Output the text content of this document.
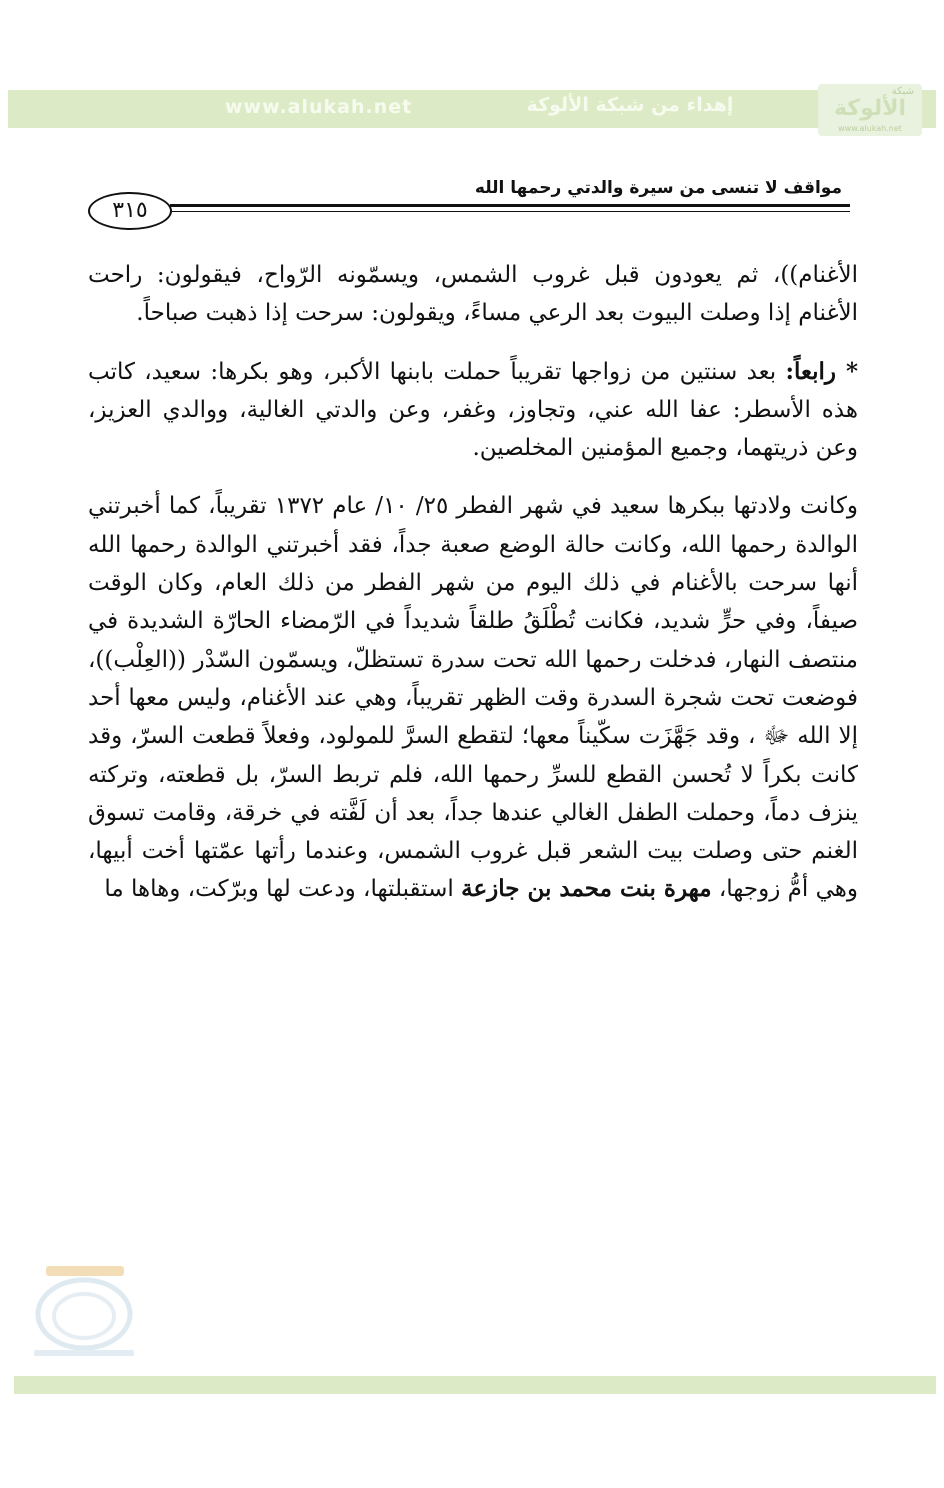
www.alukah.net	إهداء من شبكة الألوكة
شبكة
الألوكة
www.alukah.net
مواقف لا تنسى من سيرة والدتي رحمها الله
٣١٥

الأغنام))، ثم يعودون قبل غروب الشمس، ويسمّونه الرّواح، فيقولون: راحت الأغنام إذا وصلت البيوت بعد الرعي مساءً، ويقولون: سرحت إذا ذهبت صباحاً.

* رابعاً: بعد سنتين من زواجها تقريباً حملت بابنها الأكبر، وهو بكرها: سعيد، كاتب هذه الأسطر: عفا الله عني، وتجاوز، وغفر، وعن والدتي الغالية، ووالدي العزيز، وعن ذريتهما، وجميع المؤمنين المخلصين.

وكانت ولادتها ببكرها سعيد في شهر الفطر ٢٥/ ١٠/ عام ١٣٧٢ تقريباً، كما أخبرتني الوالدة رحمها الله، وكانت حالة الوضع صعبة جداً، فقد أخبرتني الوالدة رحمها الله أنها سرحت بالأغنام في ذلك اليوم من شهر الفطر من ذلك العام، وكان الوقت صيفاً، وفي حرٍّ شديد، فكانت تُطْلَقُ طلقاً شديداً في الرّمضاء الحارّة الشديدة في منتصف النهار، فدخلت رحمها الله تحت سدرة تستظلّ، ويسمّون السّدْر ((العِلْب))، فوضعت تحت شجرة السدرة وقت الظهر تقريباً، وهي عند الأغنام، وليس معها أحد إلا الله ﷻ ، وقد جَهَّزَت سكّيناً معها؛ لتقطع السرَّ للمولود، وفعلاً قطعت السرّ، وقد كانت بكراً لا تُحسن القطع للسرِّ رحمها الله، فلم تربط السرّ، بل قطعته، وتركته ينزف دماً، وحملت الطفل الغالي عندها جداً، بعد أن لَفَّته في خرقة، وقامت تسوق الغنم حتى وصلت بيت الشعر قبل غروب الشمس، وعندما رأتها عمّتها أخت أبيها، وهي أمُّ زوجها، مهرة بنت محمد بن جازعة استقبلتها، ودعت لها وبرّكت، وهاها ما
